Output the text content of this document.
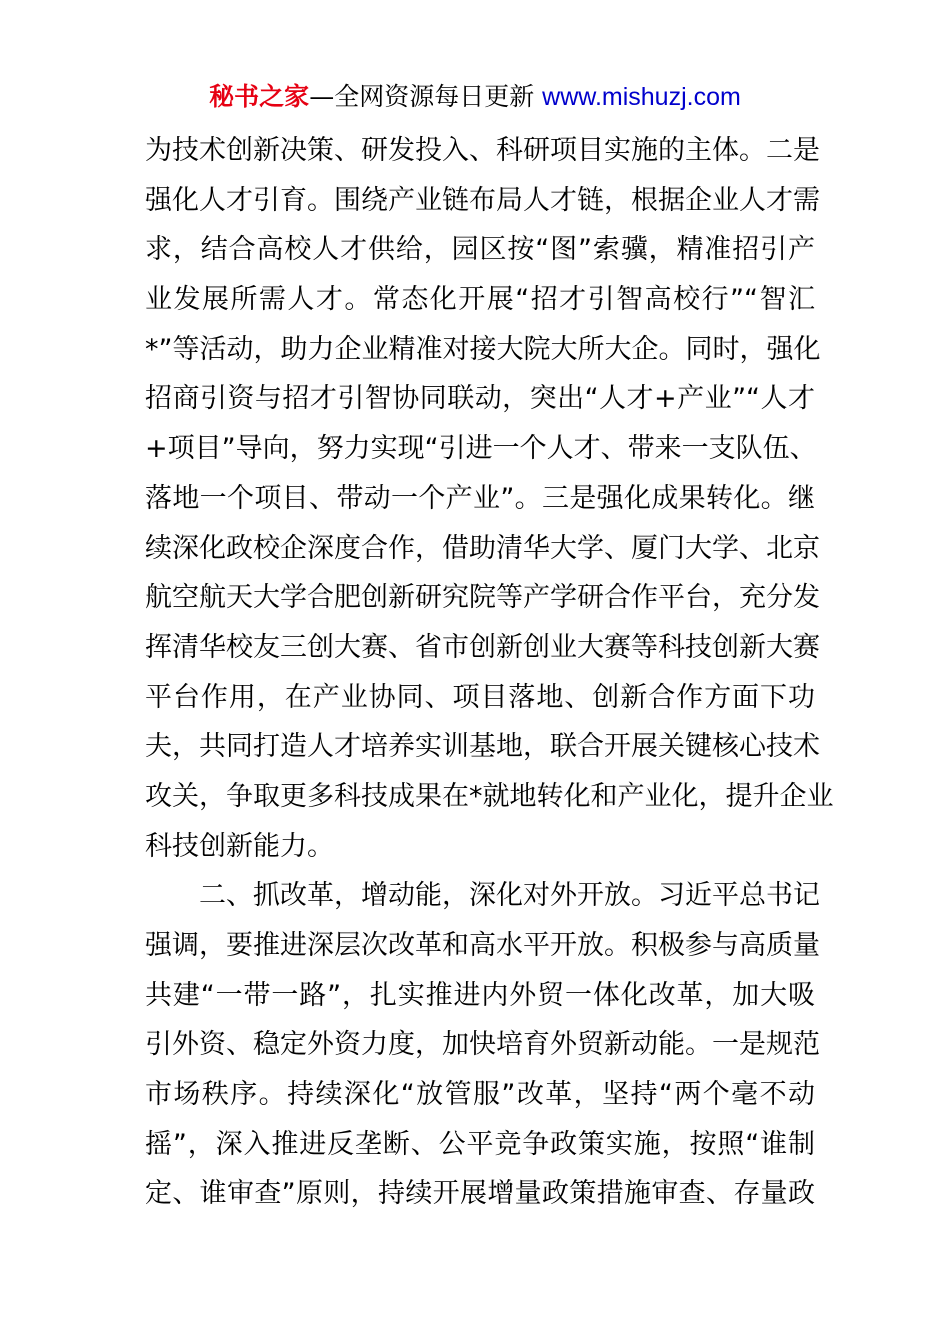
秘书之家—全网资源每日更新 www.mishuzj.com
为技术创新决策、研发投入、科研项目实施的主体。二是
强化人才引育。围绕产业链布局人才链，根据企业人才需
求，结合高校人才供给，园区按“图”索骥，精准招引产
业发展所需人才。常态化开展“招才引智高校行”“智汇
*”等活动，助力企业精准对接大院大所大企。同时，强化
招商引资与招才引智协同联动，突出“人才+产业”“人才
+项目”导向，努力实现“引进一个人才、带来一支队伍、
落地一个项目、带动一个产业”。三是强化成果转化。继
续深化政校企深度合作，借助清华大学、厦门大学、北京
航空航天大学合肥创新研究院等产学研合作平台，充分发
挥清华校友三创大赛、省市创新创业大赛等科技创新大赛
平台作用，在产业协同、项目落地、创新合作方面下功
夫，共同打造人才培养实训基地，联合开展关键核心技术
攻关，争取更多科技成果在*就地转化和产业化，提升企业
科技创新能力。
二、抓改革，增动能，深化对外开放。习近平总书记
强调，要推进深层次改革和高水平开放。积极参与高质量
共建“一带一路”，扎实推进内外贸一体化改革，加大吸
引外资、稳定外资力度，加快培育外贸新动能。一是规范
市场秩序。持续深化“放管服”改革，坚持“两个毫不动
摇”，深入推进反垄断、公平竞争政策实施，按照“谁制
定、谁审查”原则，持续开展增量政策措施审查、存量政
